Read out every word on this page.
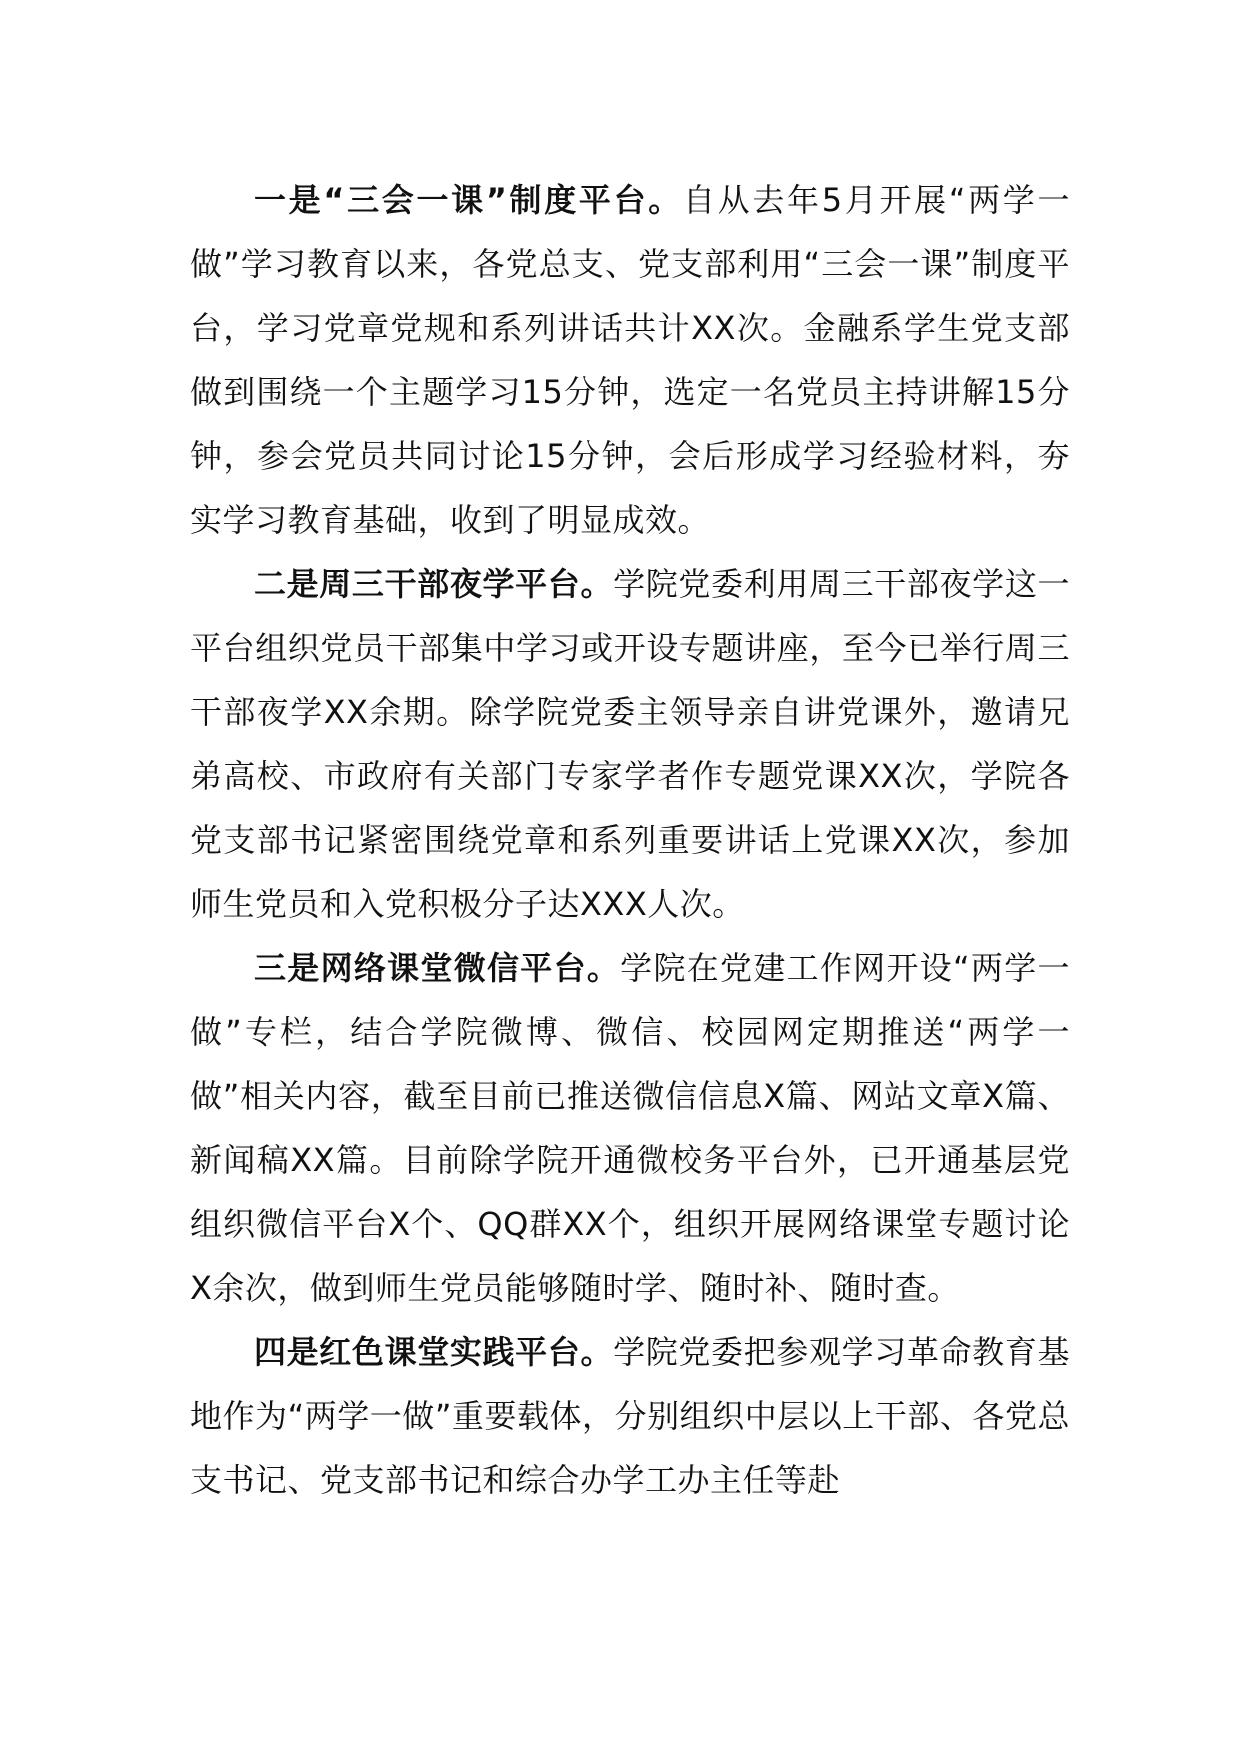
一是“三会一课”制度平台。自从去年5月开展“两学一做”学习教育以来，各党总支、党支部利用“三会一课”制度平台，学习党章党规和系列讲话共计XX次。金融系学生党支部做到围绕一个主题学习15分钟，选定一名党员主持讲解15分钟，参会党员共同讨论15分钟，会后形成学习经验材料，夯实学习教育基础，收到了明显成效。

二是周三干部夜学平台。学院党委利用周三干部夜学这一平台组织党员干部集中学习或开设专题讲座，至今已举行周三干部夜学XX余期。除学院党委主领导亲自讲党课外，邀请兄弟高校、市政府有关部门专家学者作专题党课XX次，学院各党支部书记紧密围绕党章和系列重要讲话上党课XX次，参加师生党员和入党积极分子达XXX人次。

三是网络课堂微信平台。学院在党建工作网开设“两学一做”专栏，结合学院微博、微信、校园网定期推送“两学一做”相关内容，截至目前已推送微信信息X篇、网站文章X篇、新闻稿XX篇。目前除学院开通微校务平台外，已开通基层党组织微信平台X个、QQ群XX个，组织开展网络课堂专题讨论X余次，做到师生党员能够随时学、随时补、随时查。

四是红色课堂实践平台。学院党委把参观学习革命教育基地作为“两学一做”重要载体，分别组织中层以上干部、各党总支书记、党支部书记和综合办学工办主任等赴
